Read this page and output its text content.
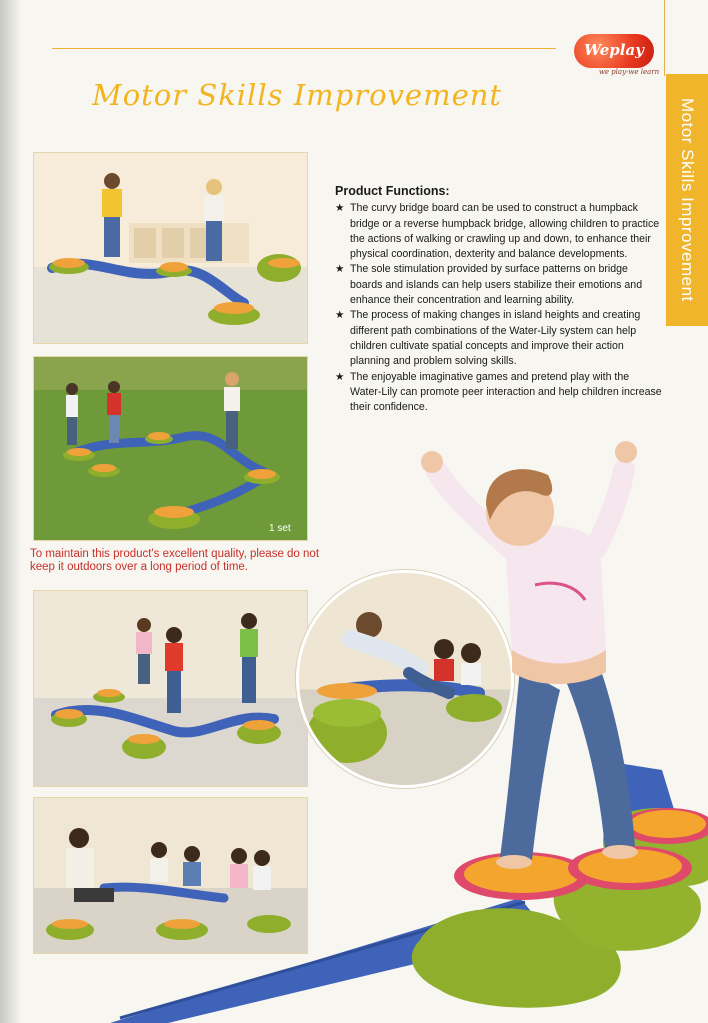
Weplay
we play-we learn
Motor Skills Improvement
Motor Skills Improvement
1 set
To maintain this product's excellent quality, please do not keep it outdoors over a long period of time.
Product Functions:
★ The curvy bridge board can be used to construct a humpback bridge or a reverse humpback bridge, allowing children to practice the actions of walking or crawling up and down, to enhance their physical coordination, dexterity and balance developments.
★ The sole stimulation provided by surface patterns on bridge boards and islands can help users stabilize their emotions and enhance their concentration and learning ability.
★ The process of making changes in island heights and creating different path combinations of the Water-Lily system can help children cultivate spatial concepts and improve their action planning and problem solving skills.
★ The enjoyable imaginative games and pretend play with the Water-Lily can promote peer interaction and help children increase their confidence.
